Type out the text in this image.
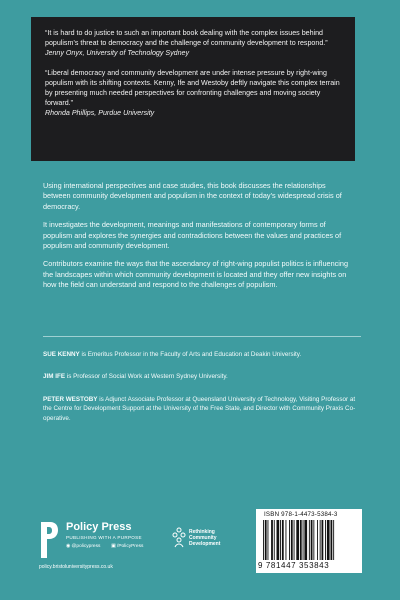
“It is hard to do justice to such an important book dealing with the complex issues behind populism’s threat to democracy and the challenge of community development to respond.”

Jenny Onyx, University of Technology Sydney

“Liberal democracy and community development are under intense pressure by right-wing populism with its shifting contexts. Kenny, Ife and Westoby deftly navigate this complex terrain by presenting much needed perspectives for confronting challenges and moving society forward.”

Rhonda Phillips, Purdue University

Using international perspectives and case studies, this book discusses the relationships between community development and populism in the context of today’s widespread crisis of democracy.

It investigates the development, meanings and manifestations of contemporary forms of populism and explores the synergies and contradictions between the values and practices of populism and community development.

Contributors examine the ways that the ascendancy of right-wing populist politics is influencing the landscapes within which community development is located and they offer new insights on how the field can understand and respond to the challenges of populism.

SUE KENNY is Emeritus Professor in the Faculty of Arts and Education at Deakin University.

JIM IFE is Professor of Social Work at Western Sydney University.

PETER WESTOBY is Adjunct Associate Professor at Queensland University of Technology, Visiting Professor at the Centre for Development Support at the University of the Free State, and Director with Community Praxis Co-operative.

Policy Press
PUBLISHING WITH A PURPOSE
◉ @policypress ▣ /PolicyPress
policy.bristoluniversitypress.co.uk
Rethinking
Community
Development
ISBN 978-1-4473-5384-3
9 781447 353843
